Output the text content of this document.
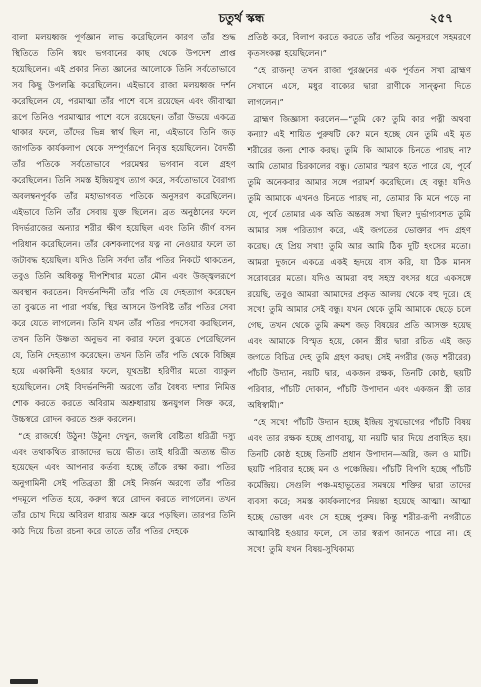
চতুর্থ স্কন্ধ	২৫৭

বালা মলয়ধ্বজ পূর্ণজ্ঞান লাভ করেছিলেন কারণ তাঁর শুদ্ধ স্থিতিতে তিনি স্বয়ং ভগবানের কাছ থেকে উপদেশ প্রাপ্ত হয়েছিলেন। এই প্রকার নিত্য জ্ঞানের আলোকে তিনি সর্বতোভাবে সব কিছু উপলব্ধি করেছিলেন। এইভাবে রাজা মলয়ধ্বজ দর্শন করেছিলেন যে, পরমাত্মা তাঁর পাশে বসে রয়েছেন এবং জীবাত্মা রূপে তিনিও পরমাত্মার পাশে বসে রয়েছেন। তাঁরা উভয়ে একত্রে থাকার ফলে, তাঁদের ভিন্ন স্বার্থ ছিল না, এইভাবে তিনি জড় জাগতিক কার্যকলাপ থেকে সম্পূর্ণরূপে নিবৃত্ত হয়েছিলেন। বৈদর্ভী তাঁর পতিকে সর্বতোভাবে পরমেশ্বর ভগবান বলে গ্রহণ করেছিলেন। তিনি সমস্ত ইন্দ্রিয়সুখ ত্যাগ করে, সর্বতোভাবে বৈরাগ্য অবলম্বনপূর্বক তাঁর মহাভাগবত পতিকে অনুসরণ করেছিলেন। এইভাবে তিনি তাঁর সেবায় যুক্ত ছিলেন। ব্রত অনুষ্ঠানের ফলে বিদর্ভরাজের অন্যার শরীর ক্ষীণ হয়েছিল এবং তিনি জীর্ণ বসন পরিধান করেছিলেন। তাঁর কেশকলাপের যত্ন না নেওয়ার ফলে তা জটাবদ্ধ হয়েছিল। যদিও তিনি সর্বদা তাঁর পতির নিকটে থাকতেন, তবুও তিনি অধিকন্তু দীপশিখার মতো মৌন এবং উজ্জ্বলরূপে অবস্থান করতেন। বিদর্ভনন্দিনী তাঁর পতি যে দেহত্যাগ করেছেন তা বুঝতে না পারা পর্যন্ত, স্থির আসনে উপবিষ্ট তাঁর পতির সেবা করে যেতে লাগলেন। তিনি যখন তাঁর পতির পদসেবা করছিলেন, তখন তিনি উষ্ণতা অনুভব না করার ফলে বুঝতে পেরেছিলেন যে, তিনি দেহত্যাগ করেছেন। তখন তিনি তাঁর পতি থেকে বিচ্ছিন্ন হয়ে একাকিনী হওয়ার ফলে, যূথভ্রষ্টা হরিণীর মতো ব্যাকুল হয়েছিলেন। সেই বিদর্ভনন্দিনী অরণ্যে তাঁর বৈধব্য দশার নিমিত্ত শোক করতে করতে অবিরাম অশ্রুধারায় স্তনযুগল সিক্ত করে, উচ্চস্বরে রোদন করতে শুরু করলেন।

“হে রাজর্ষে! উঠুন! উঠুন! দেখুন, জলধি বেষ্টিতা ধরিত্রী দস্যু এবং তথাকথিত রাজাদের ভয়ে ভীত। তাই ধরিত্রী অত্যন্ত ভীত হয়েছেন এবং আপনার কর্তব্য হচ্ছে তাঁকে রক্ষা করা। পতির অনুগামিনী সেই পতিব্রতা স্ত্রী সেই নির্জন অরণ্যে তাঁর পতির পদমূলে পতিত হয়ে, করুণ স্বরে রোদন করতে লাগলেন। তখন তাঁর চোখ দিয়ে অবিরল ধারায় অশ্রু ঝরে পড়ছিল। তারপর তিনি কাঠ দিয়ে চিতা রচনা করে তাতে তাঁর পতির দেহকে

প্রতিষ্ঠ করে, বিলাপ করতে করতে তাঁর পতির অনুসরণে সহমরণে কৃতসংকল্প হয়েছিলেন।”

“হে রাজন্! তখন রাজা পুরঞ্জনের এক পূর্বতন সখা ব্রাহ্মণ সেখানে এসে, মধুর বাক্যের দ্বারা রাণীকে সান্ত্বনা দিতে লাগলেন।”

ব্রাহ্মণ জিজ্ঞাসা করলেন—“তুমি কে? তুমি কার পত্নী অথবা কন্যা? এই শায়িত পুরুষটি কে? মনে হচ্ছে যেন তুমি এই মৃত শরীরের জন্য শোক করছ। তুমি কি আমাকে চিনতে পারছ না? আমি তোমার চিরকালের বন্ধু। তোমার স্মরণ হতে পারে যে, পূর্বে তুমি অনেকবার আমার সঙ্গে পরামর্শ করেছিলে। হে বন্ধু! যদিও তুমি আমাকে এখনও চিনতে পারছ না, তোমার কি মনে পড়ে না যে, পূর্বে তোমার এক অতি অন্তরঙ্গ সখা ছিল? দুর্ভাগ্যবশত তুমি আমার সঙ্গ পরিত্যাগ করে, এই জগতের ভোক্তার পদ গ্রহণ করেছ। হে প্রিয় সখা! তুমি আর আমি ঠিক দুটি হংসের মতো। আমরা দুজনে একত্রে একই হৃদয়ে বাস করি, যা ঠিক মানস সরোবরের মতো। যদিও আমরা বহু সহস্র বৎসর ধরে একসঙ্গে রয়েছি, তবুও আমরা আমাদের প্রকৃত আলয় থেকে বহু দূরে। হে সখে! তুমি আমার সেই বন্ধু। যখন থেকে তুমি আমাকে ছেড়ে চলে গেছ, তখন থেকে তুমি ক্রমশ জড় বিষয়ের প্রতি আসক্ত হয়েছ এবং আমাকে বিস্মৃত হয়ে, কোন স্ত্রীর দ্বারা রচিত এই জড় জগতে বিচিত্র দেহ তুমি গ্রহণ করছ। সেই নগরীর (জড় শরীরের) পাঁচটি উদ্যান, নয়টি দ্বার, একজন রক্ষক, তিনটি কোষ্ঠ, ছয়টি পরিবার, পাঁচটি দোকান, পাঁচটি উপাদান এবং একজন স্ত্রী তার অধিস্বামী।”

“হে সখে! পাঁচটি উদ্যান হচ্ছে ইন্দ্রিয় সুখভোগের পাঁচটি বিষয় এবং তার রক্ষক হচ্ছে প্রাণবায়ু, যা নয়টি দ্বার দিয়ে প্রবাহিত হয়। তিনটি কোষ্ঠ হচ্ছে তিনটি প্রধান উপাদান—অগ্নি, জল ও মাটি। ছয়টি পরিবার হচ্ছে মন ও পঞ্চেন্দ্রিয়। পাঁচটি বিপণি হচ্ছে পাঁচটি কর্মেন্দ্রিয়। সেগুলি পঞ্চ-মহাভূতের সমন্বয়ে শক্তির দ্বারা তাদের ব্যবসা করে; সমস্ত কার্যকলাপের নিয়ন্তা হয়েছে আত্মা। আত্মা হচ্ছে ভোক্তা এবং সে হচ্ছে পুরুষ। কিন্তু শরীর-রূপী নগরীতে আত্মাবিষ্ট হওয়ার ফলে, সে তার স্বরূপ জানতে পারে না। হে সখে! তুমি যখন বিষয়-সুখিকাম্য
